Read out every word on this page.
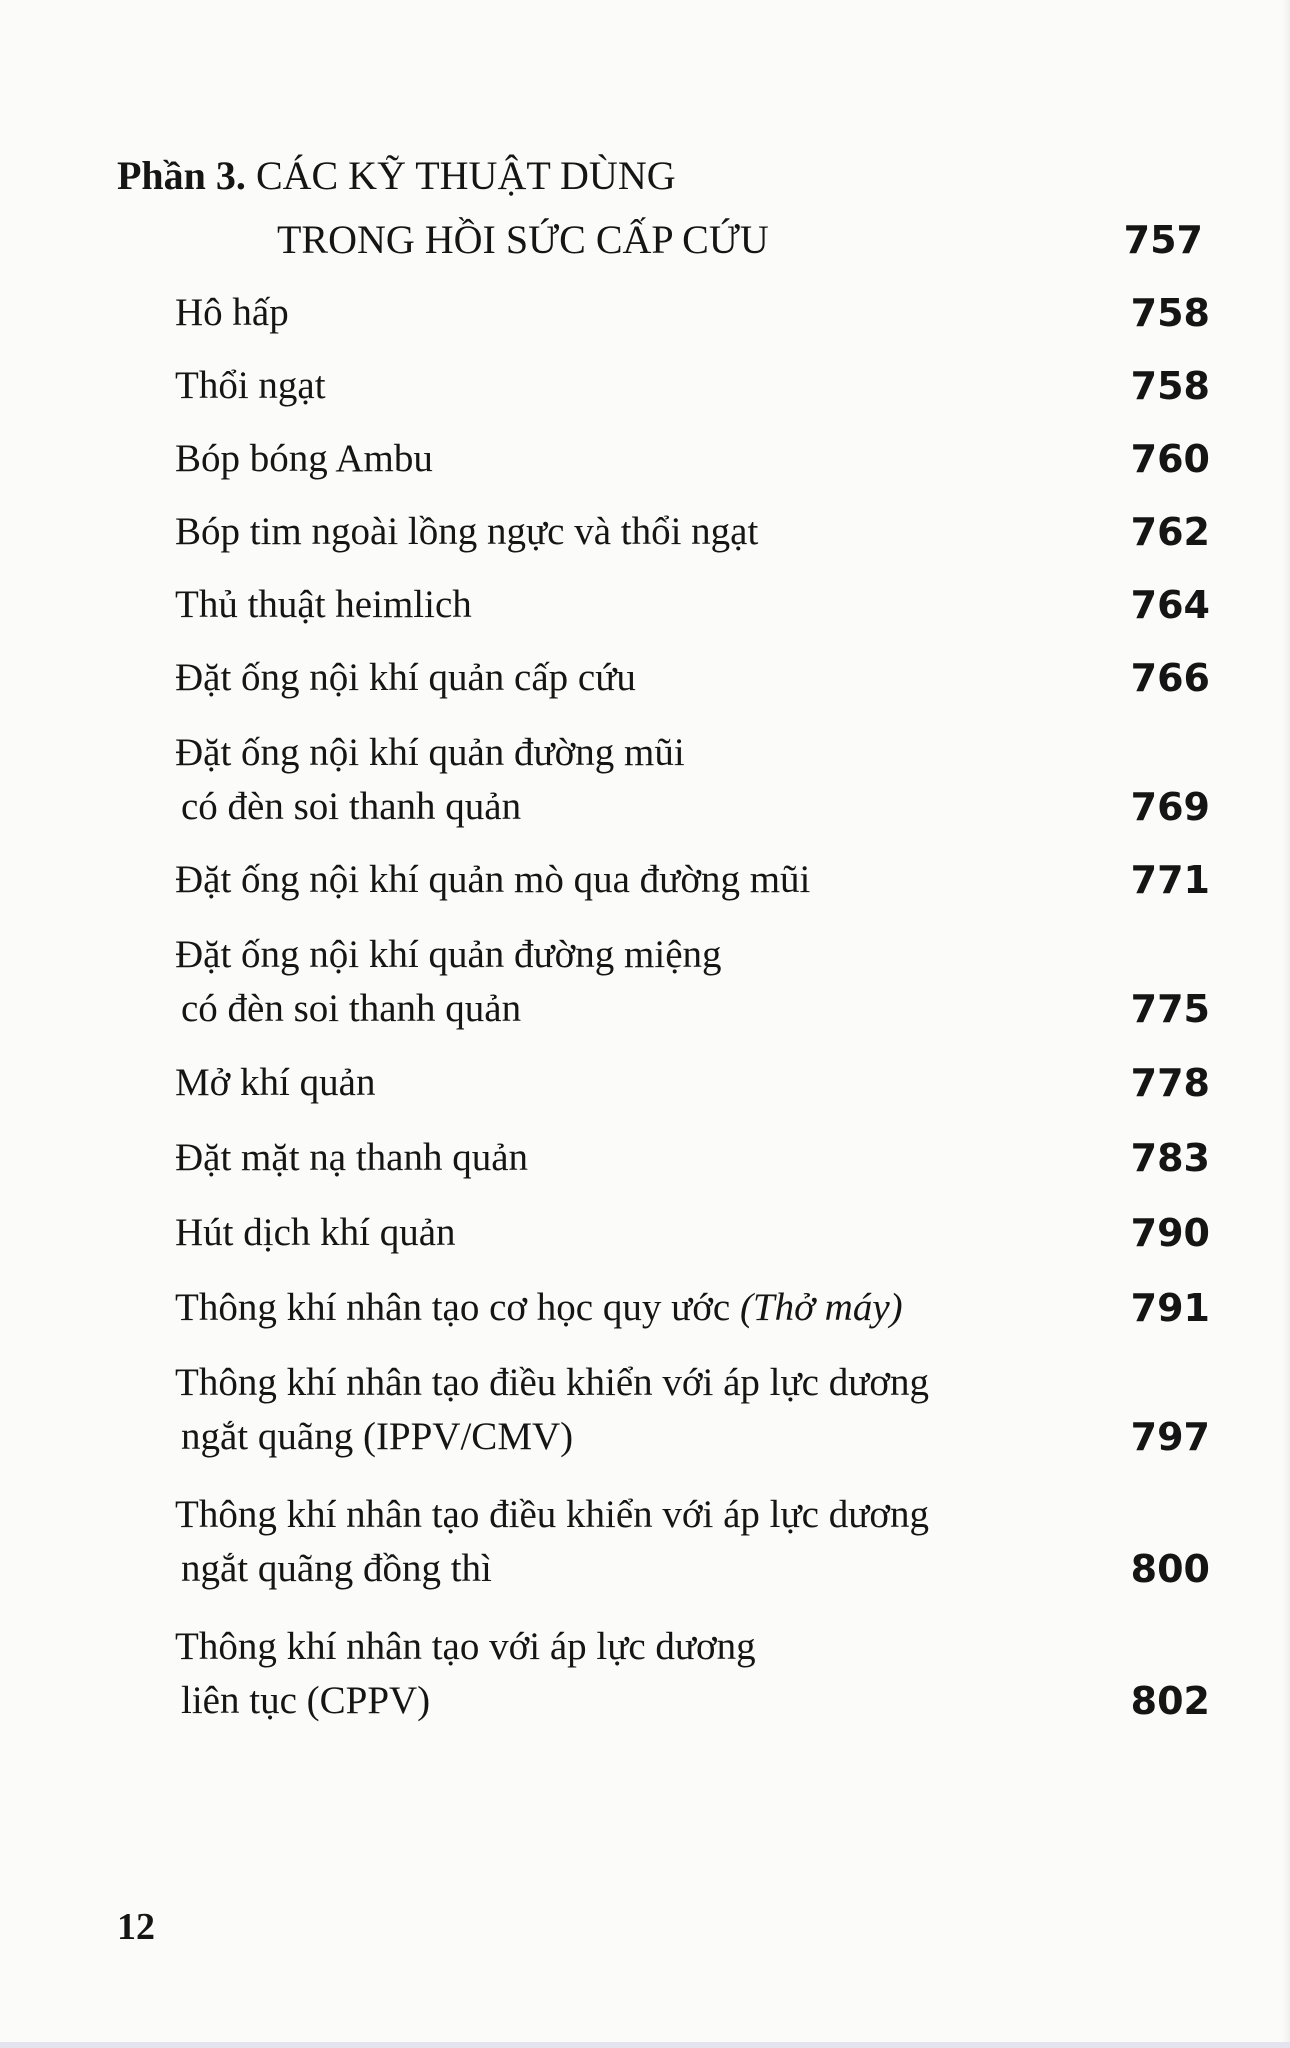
Phần 3. CÁC KỸ THUẬT DÙNG
TRONG HỒI SỨC CẤP CỨU	757
Hô hấp	758
Thổi ngạt	758
Bóp bóng Ambu	760
Bóp tim ngoài lồng ngực và thổi ngạt	762
Thủ thuật heimlich	764
Đặt ống nội khí quản cấp cứu	766
Đặt ống nội khí quản đường mũi
có đèn soi thanh quản	769
Đặt ống nội khí quản mò qua đường mũi	771
Đặt ống nội khí quản đường miệng
có đèn soi thanh quản	775
Mở khí quản	778
Đặt mặt nạ thanh quản	783
Hút dịch khí quản	790
Thông khí nhân tạo cơ học quy ước (Thở máy)	791
Thông khí nhân tạo điều khiển với áp lực dương
ngắt quãng (IPPV/CMV)	797
Thông khí nhân tạo điều khiển với áp lực dương
ngắt quãng đồng thì	800
Thông khí nhân tạo với áp lực dương
liên tục (CPPV)	802
12
